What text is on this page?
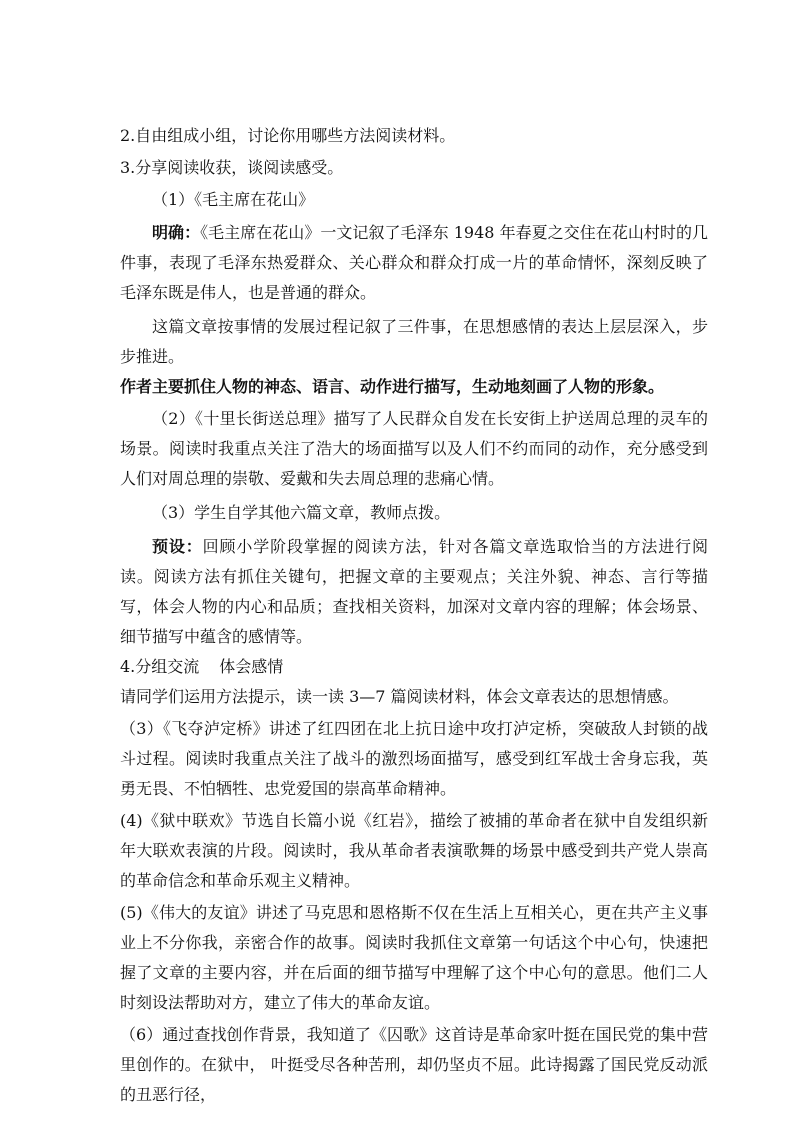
2.自由组成小组，讨论你用哪些方法阅读材料。
3.分享阅读收获，谈阅读感受。
（1）《毛主席在花山》
明确：《毛主席在花山》一文记叙了毛泽东 1948 年春夏之交住在花山村时的几件事，表现了毛泽东热爱群众、关心群众和群众打成一片的革命情怀，深刻反映了毛泽东既是伟人，也是普通的群众。
这篇文章按事情的发展过程记叙了三件事，在思想感情的表达上层层深入，步步推进。
作者主要抓住人物的神态、语言、动作进行描写，生动地刻画了人物的形象。
（2）《十里长街送总理》描写了人民群众自发在长安街上护送周总理的灵车的场景。阅读时我重点关注了浩大的场面描写以及人们不约而同的动作，充分感受到人们对周总理的崇敬、爱戴和失去周总理的悲痛心情。
（3）学生自学其他六篇文章，教师点拨。
预设：回顾小学阶段掌握的阅读方法，针对各篇文章选取恰当的方法进行阅读。阅读方法有抓住关键句，把握文章的主要观点；关注外貌、神态、言行等描写，体会人物的内心和品质；查找相关资料，加深对文章内容的理解；体会场景、细节描写中蕴含的感情等。
4.分组交流 体会感情
请同学们运用方法提示，读一读 3—7 篇阅读材料，体会文章表达的思想情感。
（3）《飞夺泸定桥》讲述了红四团在北上抗日途中攻打泸定桥，突破敌人封锁的战斗过程。阅读时我重点关注了战斗的激烈场面描写，感受到红军战士舍身忘我，英勇无畏、不怕牺牲、忠党爱国的崇高革命精神。
(4)《狱中联欢》节选自长篇小说《红岩》，描绘了被捕的革命者在狱中自发组织新年大联欢表演的片段。阅读时，我从革命者表演歌舞的场景中感受到共产党人崇高的革命信念和革命乐观主义精神。
(5)《伟大的友谊》讲述了马克思和恩格斯不仅在生活上互相关心，更在共产主义事业上不分你我，亲密合作的故事。阅读时我抓住文章第一句话这个中心句，快速把握了文章的主要内容，并在后面的细节描写中理解了这个中心句的意思。他们二人时刻设法帮助对方，建立了伟大的革命友谊。
（6）通过查找创作背景，我知道了《囚歌》这首诗是革命家叶挺在国民党的集中营里创作的。在狱中， 叶挺受尽各种苦刑，却仍坚贞不屈。此诗揭露了国民党反动派的丑恶行径，
